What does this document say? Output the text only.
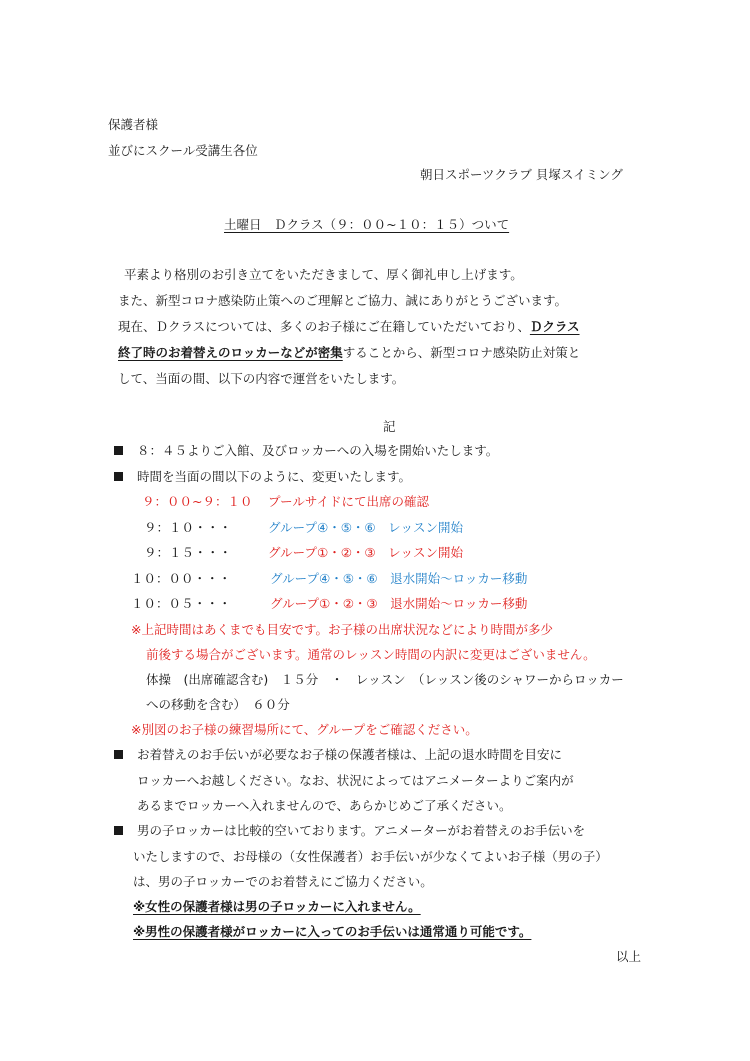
保護者様
並びにスクール受講生各位
朝日スポーツクラブ 貝塚スイミング
土曜日　Ｄクラス（９：００~１０：１５）ついて
平素より格別のお引き立てをいただきまして、厚く御礼申し上げます。
また、新型コロナ感染防止策へのご理解とご協力、誠にありがとうございます。
現在、Ｄクラスについては、多くのお子様にご在籍していただいており、Ｄクラス
終了時のお着替えのロッカーなどが密集することから、新型コロナ感染防止対策と
して、当面の間、以下の内容で運営をいたします。
記
８：４５よりご入館、及びロッカーへの入場を開始いたします。
時間を当面の間以下のように、変更いたします。
９：００~９：１０ プールサイドにて出席の確認
９：１０・・・	グループ④・⑤・⑥　レッスン開始
９：１５・・・	グループ①・②・③　レッスン開始
１０：００・・・	グループ④・⑤・⑥　退水開始～ロッカー移動
１０：０５・・・	グループ①・②・③　退水開始～ロッカー移動
※上記時間はあくまでも目安です。お子様の出席状況などにより時間が多少
前後する場合がございます。通常のレッスン時間の内訳に変更はございません。
体操　(出席確認含む)　１５分　・　レッスン　（レッスン後のシャワーからロッカー
への移動を含む）　６０分
※別図のお子様の練習場所にて、グループをご確認ください。
お着替えのお手伝いが必要なお子様の保護者様は、上記の退水時間を目安に
ロッカーへお越しください。なお、状況によってはアニメーターよりご案内が
あるまでロッカーへ入れませんので、あらかじめご了承ください。
男の子ロッカーは比較的空いております。アニメーターがお着替えのお手伝いを
いたしますので、お母様の（女性保護者）お手伝いが少なくてよいお子様（男の子）
は、男の子ロッカーでのお着替えにご協力ください。
※女性の保護者様は男の子ロッカーに入れません。
※男性の保護者様がロッカーに入ってのお手伝いは通常通り可能です。
以上
